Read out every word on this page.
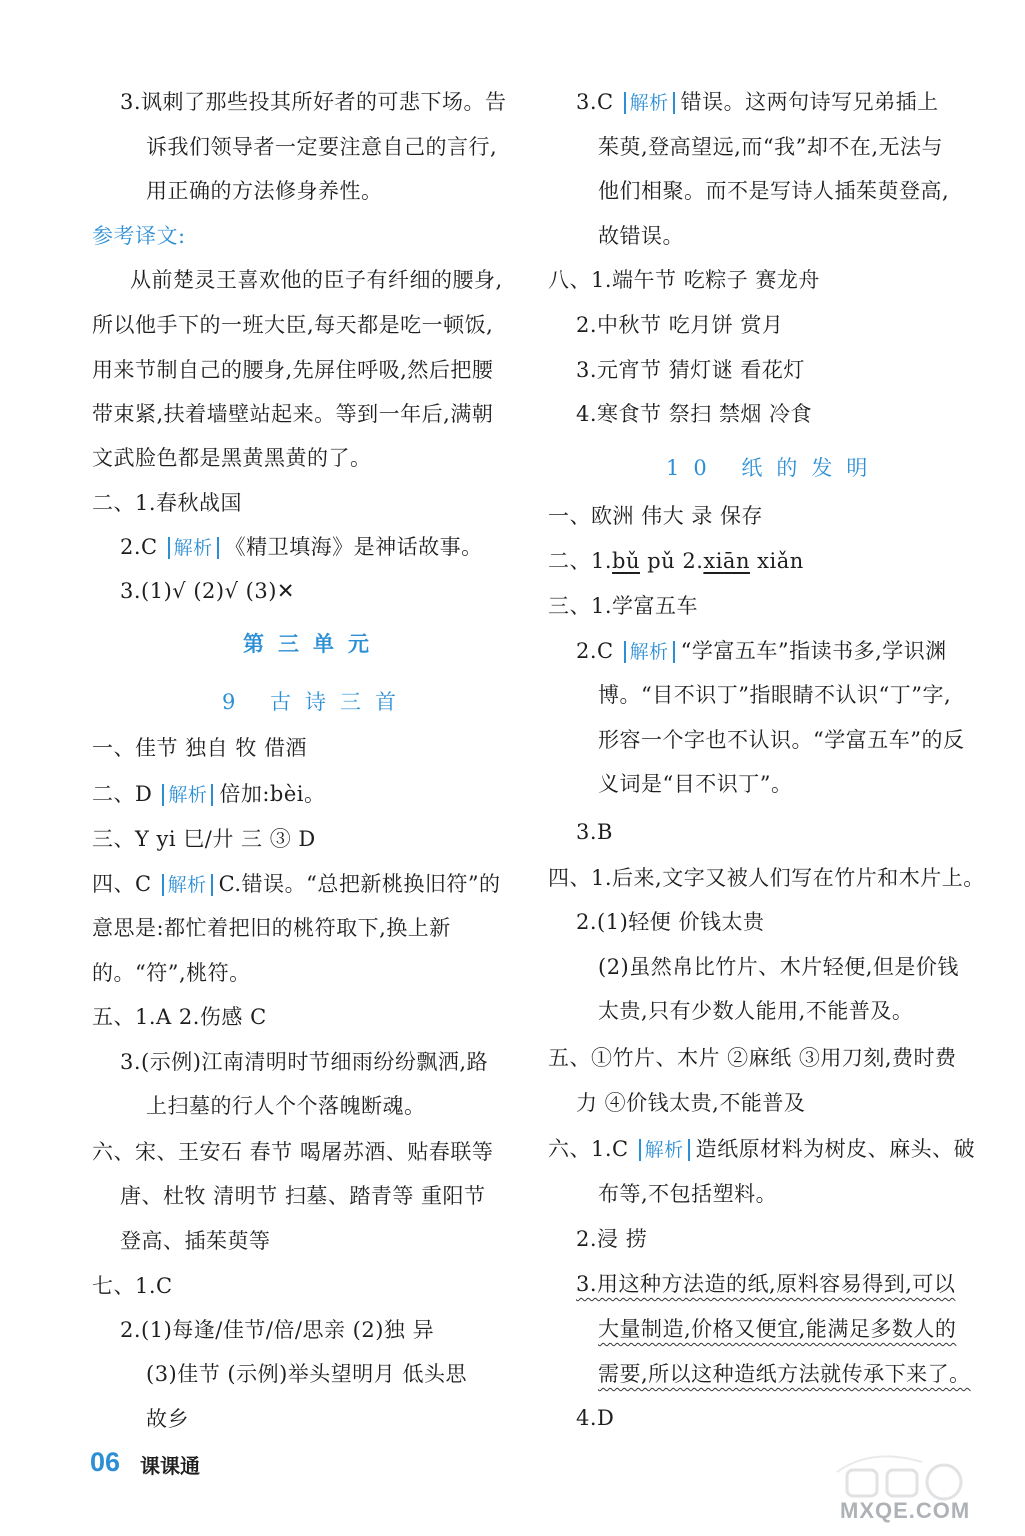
3.讽刺了那些投其所好者的可悲下场。告
诉我们领导者一定要注意自己的言行,
用正确的方法修身养性。
参考译文:
从前楚灵王喜欢他的臣子有纤细的腰身,
所以他手下的一班大臣,每天都是吃一顿饭,
用来节制自己的腰身,先屏住呼吸,然后把腰
带束紧,扶着墙壁站起来。等到一年后,满朝
文武脸色都是黑黄黑黄的了。
二、1.春秋战国
2.C 解析 《精卫填海》是神话故事。
3.(1)√ (2)√ (3)✕
第三单元
9 古诗三首
一、佳节 独自 牧 借酒
二、D 解析 倍加:bèi。
三、Y yi 巳/廾 三 ③ D
四、C 解析 C.错误。“总把新桃换旧符”的
意思是:都忙着把旧的桃符取下,换上新
的。“符”,桃符。
五、1.A 2.伤感 C
3.(示例)江南清明时节细雨纷纷飘洒,路
上扫墓的行人个个落魄断魂。
六、宋、王安石 春节 喝屠苏酒、贴春联等
唐、杜牧 清明节 扫墓、踏青等 重阳节
登高、插茱萸等
七、1.C
2.(1)每逢/佳节/倍/思亲 (2)独 异
(3)佳节 (示例)举头望明月 低头思
故乡
3.C 解析 错误。这两句诗写兄弟插上
茱萸,登高望远,而“我”却不在,无法与
他们相聚。而不是写诗人插茱萸登高,
故错误。
八、1.端午节 吃粽子 赛龙舟
2.中秋节 吃月饼 赏月
3.元宵节 猜灯谜 看花灯
4.寒食节 祭扫 禁烟 冷食
10 纸的发明
一、欧洲 伟大 录 保存
二、1.bǔ pǔ 2.xiān xiǎn
三、1.学富五车
2.C 解析 “学富五车”指读书多,学识渊
博。“目不识丁”指眼睛不认识“丁”字,
形容一个字也不认识。“学富五车”的反
义词是“目不识丁”。
3.B
四、1.后来,文字又被人们写在竹片和木片上。
2.(1)轻便 价钱太贵
(2)虽然帛比竹片、木片轻便,但是价钱
太贵,只有少数人能用,不能普及。
五、①竹片、木片 ②麻纸 ③用刀刻,费时费
力 ④价钱太贵,不能普及
六、1.C 解析 造纸原材料为树皮、麻头、破
布等,不包括塑料。
2.浸 捞
3.用这种方法造的纸,原料容易得到,可以
大量制造,价格又便宜,能满足多数人的
需要,所以这种造纸方法就传承下来了。
4.D
06 课课通
MXQE.COM
